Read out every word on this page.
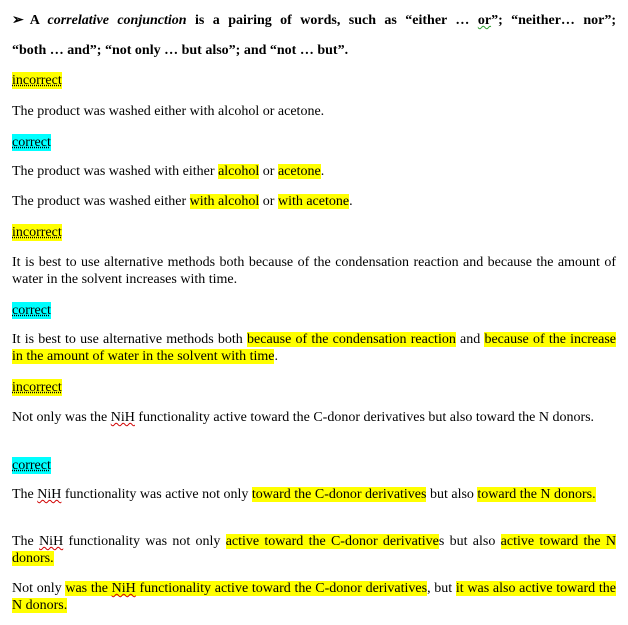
➢ A correlative conjunction is a pairing of words, such as “either … or”; “neither… nor”;
“both … and”; “not only … but also”; and “not … but”.
incorrect
The product was washed either with alcohol or acetone.
correct
The product was washed with either alcohol or acetone.
The product was washed either with alcohol or with acetone.
incorrect
It is best to use alternative methods both because of the condensation reaction and because the amount of water in the solvent increases with time.
correct
It is best to use alternative methods both because of the condensation reaction and because of the increase in the amount of water in the solvent with time.
incorrect
Not only was the NiH functionality active toward the C-donor derivatives but also toward the N donors.
correct
The NiH functionality was active not only toward the C-donor derivatives but also toward the N donors.
The NiH functionality was not only active toward the C-donor derivatives but also active toward the N donors.
Not only was the NiH functionality active toward the C-donor derivatives, but it was also active toward the N donors.
